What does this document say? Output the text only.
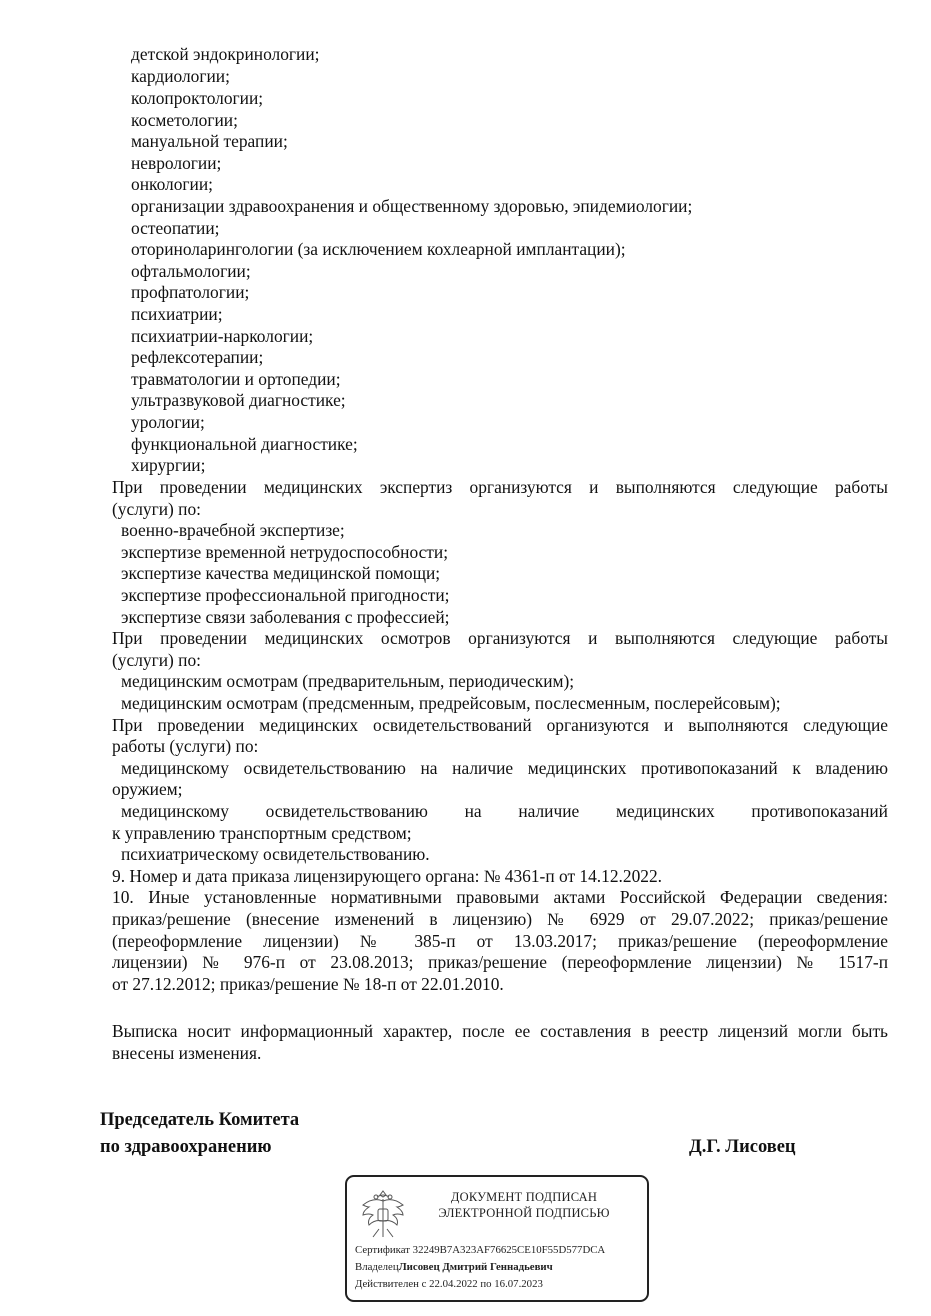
детской эндокринологии;
кардиологии;
колопроктологии;
косметологии;
мануальной терапии;
неврологии;
онкологии;
организации здравоохранения и общественному здоровью, эпидемиологии;
остеопатии;
оториноларингологии (за исключением кохлеарной имплантации);
офтальмологии;
профпатологии;
психиатрии;
психиатрии-наркологии;
рефлексотерапии;
травматологии и ортопедии;
ультразвуковой диагностике;
урологии;
функциональной диагностике;
хирургии;
При проведении медицинских экспертиз организуются и выполняются следующие работы
(услуги) по:
военно-врачебной экспертизе;
экспертизе временной нетрудоспособности;
экспертизе качества медицинской помощи;
экспертизе профессиональной пригодности;
экспертизе связи заболевания с профессией;
При проведении медицинских осмотров организуются и выполняются следующие работы
(услуги) по:
медицинским осмотрам (предварительным, периодическим);
медицинским осмотрам (предсменным, предрейсовым, послесменным, послерейсовым);
При проведении медицинских освидетельствований организуются и выполняются следующие
работы (услуги) по:
медицинскому освидетельствованию на наличие медицинских противопоказаний к владению
оружием;
медицинскому освидетельствованию на наличие медицинских противопоказаний
к управлению транспортным средством;
психиатрическому освидетельствованию.
9. Номер и дата приказа лицензирующего органа: № 4361-п от 14.12.2022.
10. Иные установленные нормативными правовыми актами Российской Федерации сведения:
приказ/решение (внесение изменений в лицензию) № 6929 от 29.07.2022; приказ/решение
(переоформление лицензии) № 385-п от 13.03.2017; приказ/решение (переоформление
лицензии) № 976-п от 23.08.2013; приказ/решение (переоформление лицензии) № 1517-п
от 27.12.2012; приказ/решение № 18-п от 22.01.2010.
Выписка носит информационный характер, после ее составления в реестр лицензий могли быть
внесены изменения.
Председатель Комитета
по здравоохранению	Д.Г. Лисовец
ДОКУМЕНТ ПОДПИСАН
ЭЛЕКТРОННОЙ ПОДПИСЬЮ
Сертификат 32249B7A323AF76625CE10F55D577DCA
ВладелецЛисовец Дмитрий Геннадьевич
Действителен с 22.04.2022 по 16.07.2023
